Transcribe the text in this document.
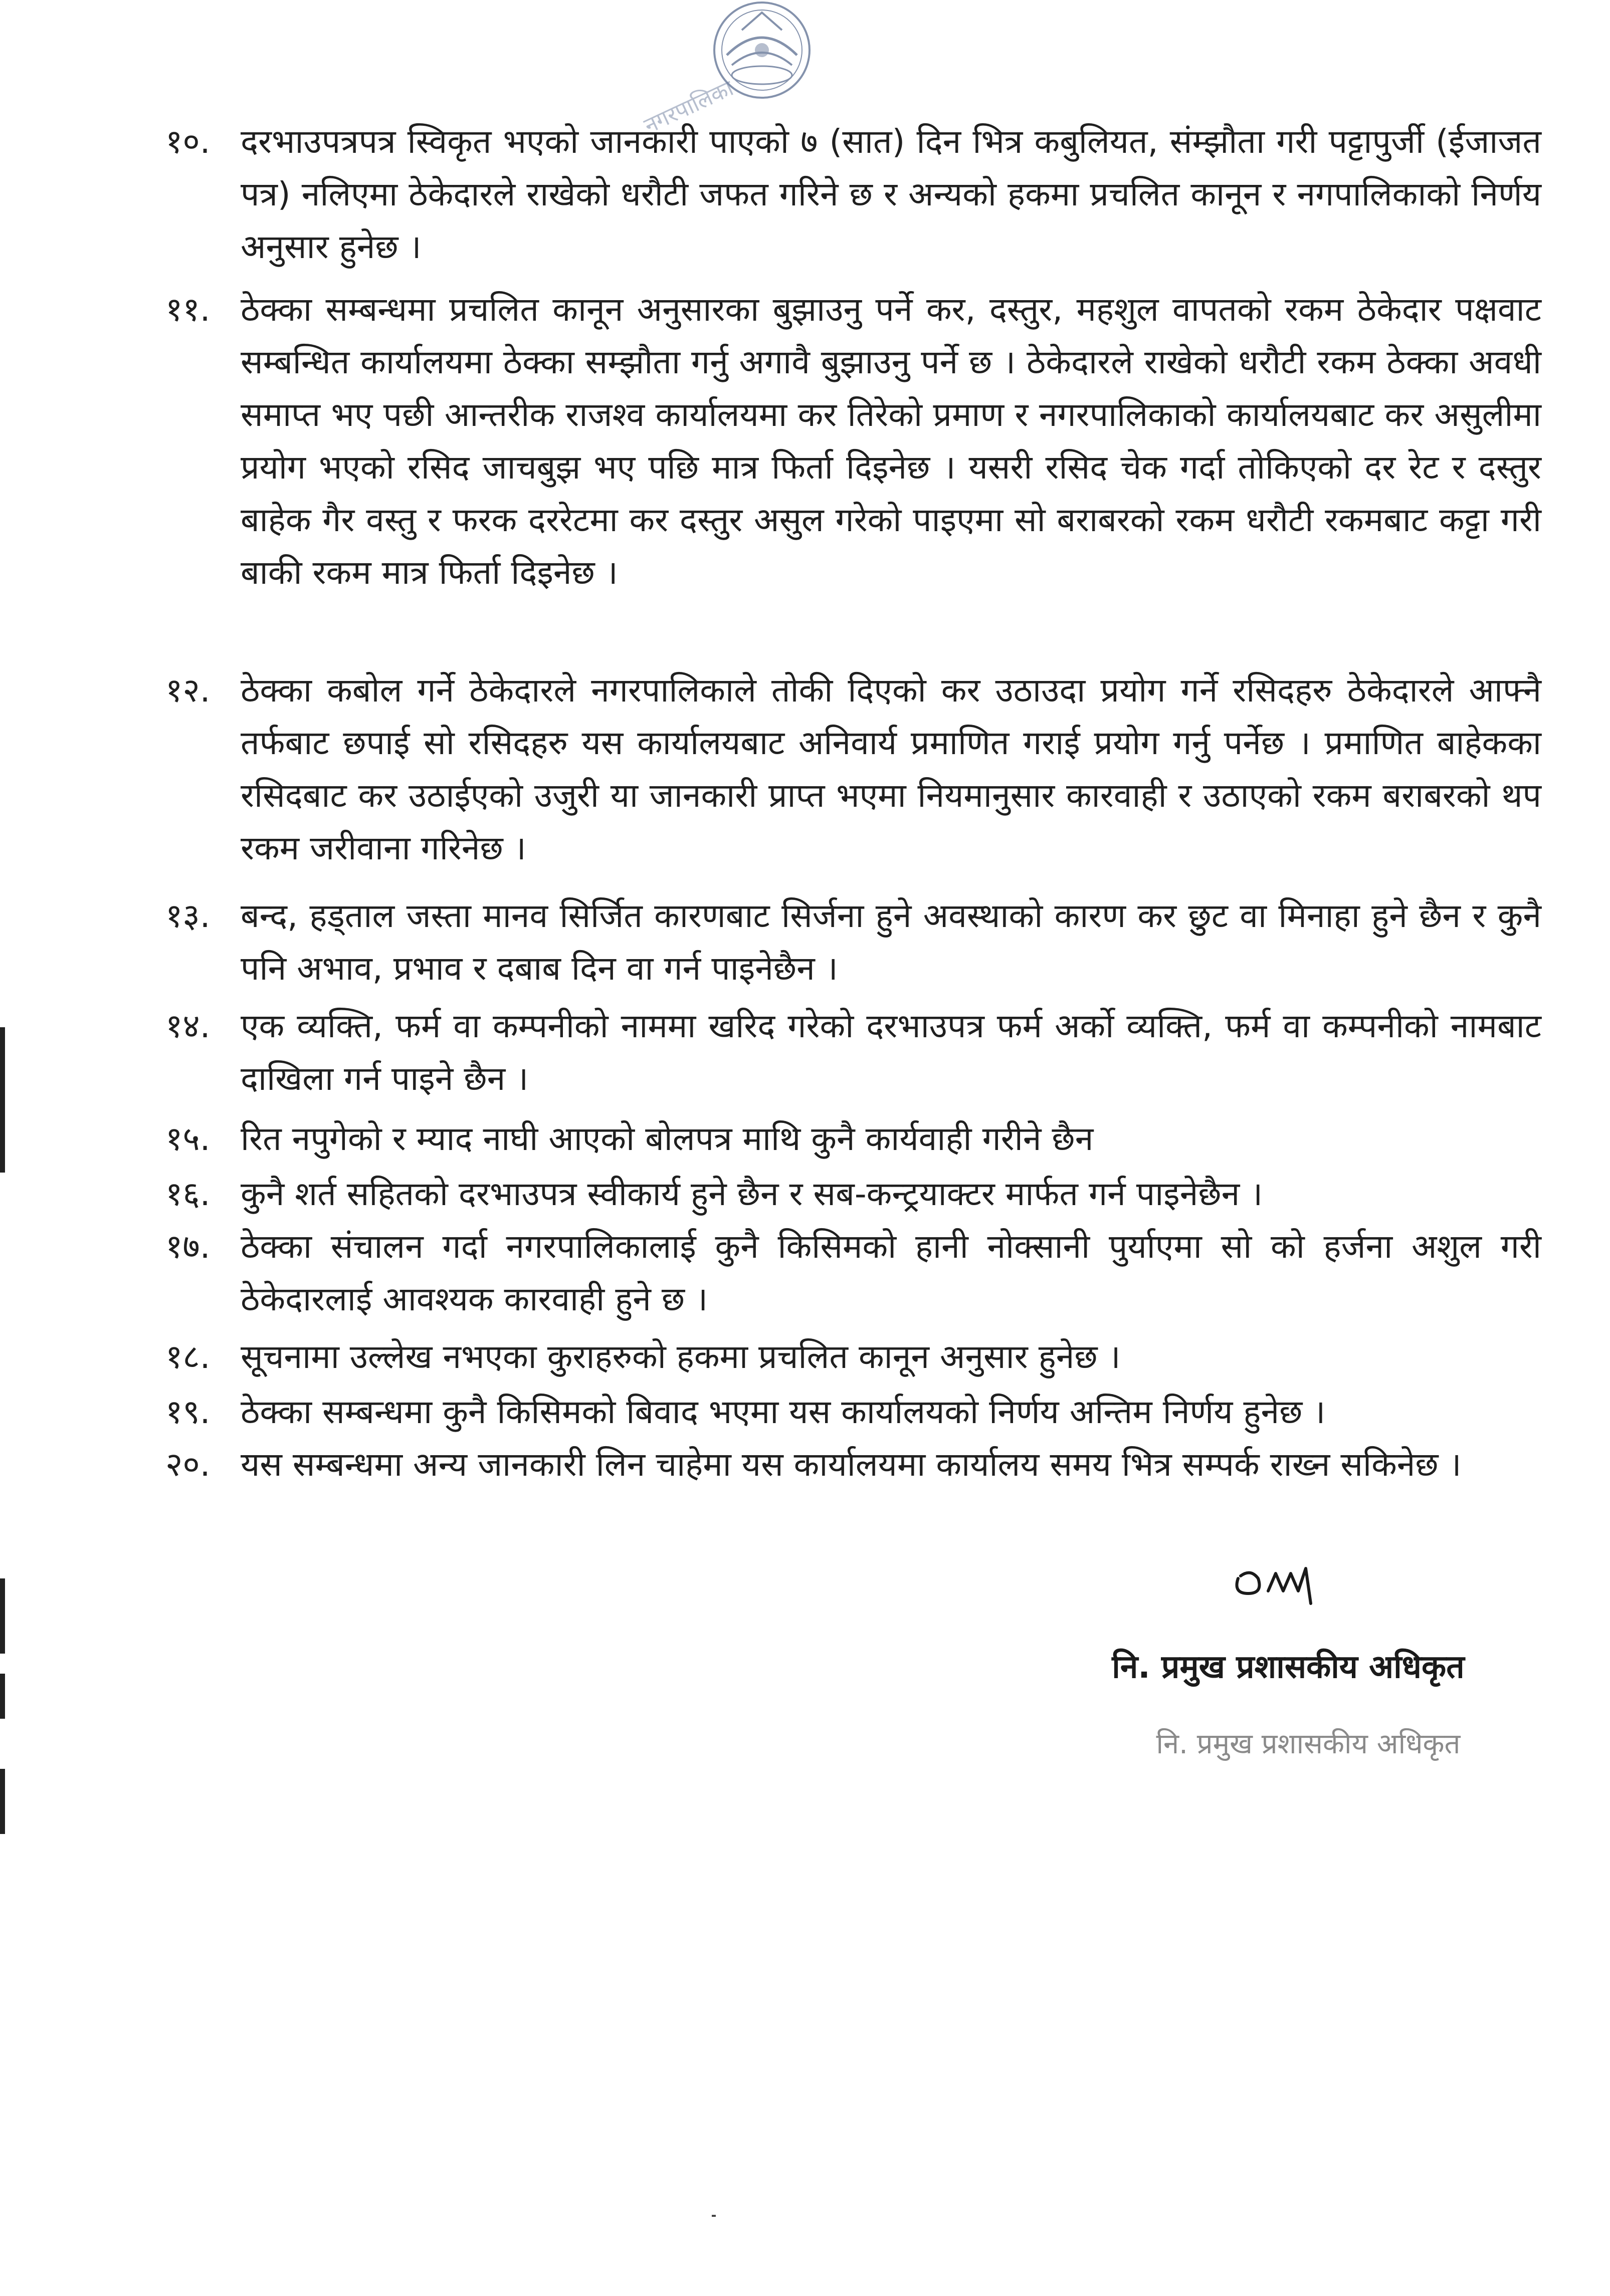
नगरपालिका
१०. दरभाउपत्रपत्र स्विकृत भएको जानकारी पाएको ७ (सात) दिन भित्र कबुलियत, संम्झौता गरी पट्टापुर्जी (ईजाजत पत्र) नलिएमा ठेकेदारले राखेको धरौटी जफत गरिने छ र अन्यको हकमा प्रचलित कानून र नगपालिकाको निर्णय अनुसार हुनेछ ।
११. ठेक्का सम्बन्धमा प्रचलित कानून अनुसारका बुझाउनु पर्ने कर, दस्तुर, महशुल वापतको रकम ठेकेदार पक्षवाट सम्बन्धित कार्यालयमा ठेक्का सम्झौता गर्नु अगावै बुझाउनु पर्ने छ । ठेकेदारले राखेको धरौटी रकम ठेक्का अवधी समाप्त भए पछी आन्तरीक राजश्व कार्यालयमा कर तिरेको प्रमाण र नगरपालिकाको कार्यालयबाट कर असुलीमा प्रयोग भएको रसिद जाचबुझ भए पछि मात्र फिर्ता दिइनेछ । यसरी रसिद चेक गर्दा तोकिएको दर रेट र दस्तुर बाहेक गैर वस्तु र फरक दररेटमा कर दस्तुर असुल गरेको पाइएमा सो बराबरको रकम धरौटी रकमबाट कट्टा गरी बाकी रकम मात्र फिर्ता दिइनेछ ।
१२. ठेक्का कबोल गर्ने ठेकेदारले नगरपालिकाले तोकी दिएको कर उठाउदा प्रयोग गर्ने रसिदहरु ठेकेदारले आफ्नै तर्फबाट छपाई सो रसिदहरु यस कार्यालयबाट अनिवार्य प्रमाणित गराई प्रयोग गर्नु पर्नेछ । प्रमाणित बाहेकका रसिदबाट कर उठाईएको उजुरी या जानकारी प्राप्त भएमा नियमानुसार कारवाही र उठाएको रकम बराबरको थप रकम जरीवाना गरिनेछ ।
१३. बन्द, हड्ताल जस्ता मानव सिर्जित कारणबाट सिर्जना हुने अवस्थाको कारण कर छुट वा मिनाहा हुने छैन र कुनै पनि अभाव, प्रभाव र दबाब दिन वा गर्न पाइनेछैन ।
१४. एक व्यक्ति, फर्म वा कम्पनीको नाममा खरिद गरेको दरभाउपत्र फर्म अर्को व्यक्ति, फर्म वा कम्पनीको नामबाट दाखिला गर्न पाइने छैन ।
१५. रित नपुगेको र म्याद नाघी आएको बोलपत्र माथि कुनै कार्यवाही गरीने छैन
१६. कुनै शर्त सहितको दरभाउपत्र स्वीकार्य हुने छैन र सब-कन्ट्रयाक्टर मार्फत गर्न पाइनेछैन ।
१७. ठेक्का संचालन गर्दा नगरपालिकालाई कुनै किसिमको हानी नोक्सानी पुर्याएमा सो को हर्जना अशुल गरी ठेकेदारलाई आवश्यक कारवाही हुने छ ।
१८. सूचनामा उल्लेख नभएका कुराहरुको हकमा प्रचलित कानून अनुसार हुनेछ ।
१९. ठेक्का सम्बन्धमा कुनै किसिमको बिवाद भएमा यस कार्यालयको निर्णय अन्तिम निर्णय हुनेछ ।
२०. यस सम्बन्धमा अन्य जानकारी लिन चाहेमा यस कार्यालयमा कार्यालय समय भित्र सम्पर्क राख्न सकिनेछ ।
नि. प्रमुख प्रशासकीय अधिकृत
नि. प्रमुख प्रशासकीय अधिकृत
